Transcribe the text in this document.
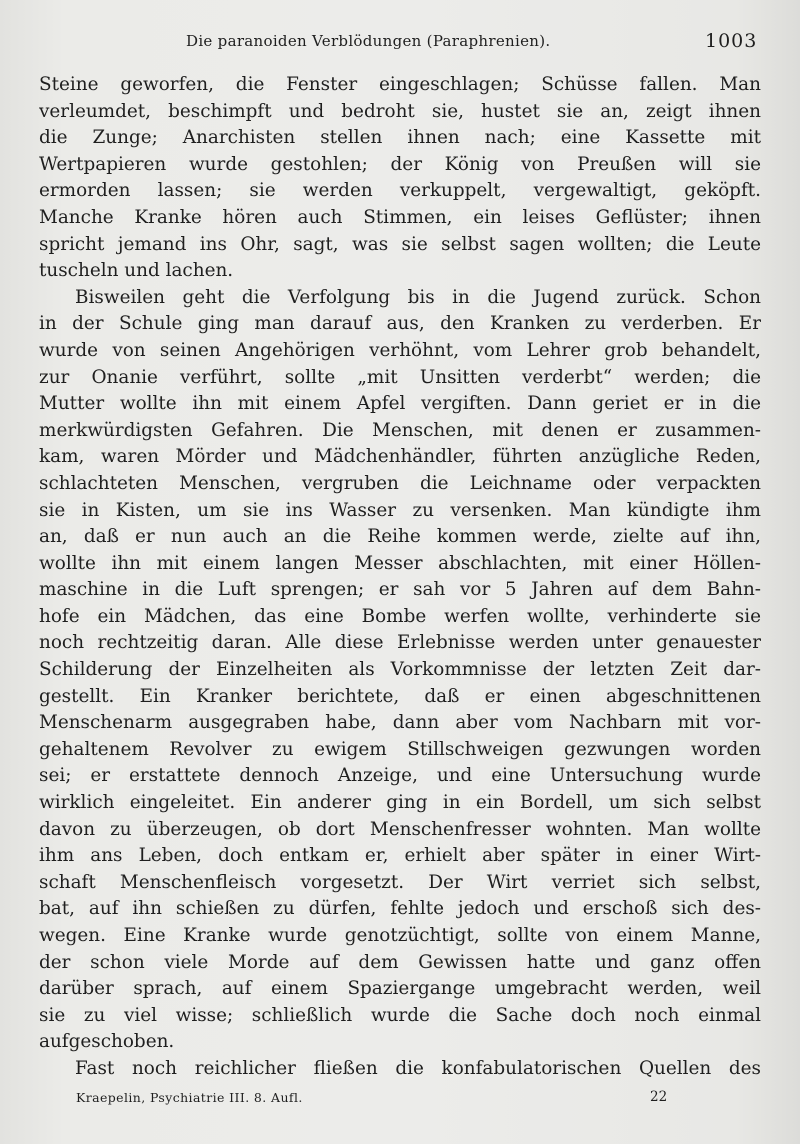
Die paranoiden Verblödungen (Paraphrenien).	1003
Steine geworfen, die Fenster eingeschlagen; Schüsse fallen. Man
verleumdet, beschimpft und bedroht sie, hustet sie an, zeigt ihnen
die Zunge; Anarchisten stellen ihnen nach; eine Kassette mit
Wertpapieren wurde gestohlen; der König von Preußen will sie
ermorden lassen; sie werden verkuppelt, vergewaltigt, geköpft.
Manche Kranke hören auch Stimmen, ein leises Geflüster; ihnen
spricht jemand ins Ohr, sagt, was sie selbst sagen wollten; die Leute
tuscheln und lachen.
Bisweilen geht die Verfolgung bis in die Jugend zurück. Schon
in der Schule ging man darauf aus, den Kranken zu verderben. Er
wurde von seinen Angehörigen verhöhnt, vom Lehrer grob behandelt,
zur Onanie verführt, sollte „mit Unsitten verderbt“ werden; die
Mutter wollte ihn mit einem Apfel vergiften. Dann geriet er in die
merkwürdigsten Gefahren. Die Menschen, mit denen er zusammen-
kam, waren Mörder und Mädchenhändler, führten anzügliche Reden,
schlachteten Menschen, vergruben die Leichname oder verpackten
sie in Kisten, um sie ins Wasser zu versenken. Man kündigte ihm
an, daß er nun auch an die Reihe kommen werde, zielte auf ihn,
wollte ihn mit einem langen Messer abschlachten, mit einer Höllen-
maschine in die Luft sprengen; er sah vor 5 Jahren auf dem Bahn-
hofe ein Mädchen, das eine Bombe werfen wollte, verhinderte sie
noch rechtzeitig daran. Alle diese Erlebnisse werden unter genauester
Schilderung der Einzelheiten als Vorkommnisse der letzten Zeit dar-
gestellt. Ein Kranker berichtete, daß er einen abgeschnittenen
Menschenarm ausgegraben habe, dann aber vom Nachbarn mit vor-
gehaltenem Revolver zu ewigem Stillschweigen gezwungen worden
sei; er erstattete dennoch Anzeige, und eine Untersuchung wurde
wirklich eingeleitet. Ein anderer ging in ein Bordell, um sich selbst
davon zu überzeugen, ob dort Menschenfresser wohnten. Man wollte
ihm ans Leben, doch entkam er, erhielt aber später in einer Wirt-
schaft Menschenfleisch vorgesetzt. Der Wirt verriet sich selbst,
bat, auf ihn schießen zu dürfen, fehlte jedoch und erschoß sich des-
wegen. Eine Kranke wurde genotzüchtigt, sollte von einem Manne,
der schon viele Morde auf dem Gewissen hatte und ganz offen
darüber sprach, auf einem Spaziergange umgebracht werden, weil
sie zu viel wisse; schließlich wurde die Sache doch noch einmal
aufgeschoben.
Fast noch reichlicher fließen die konfabulatorischen Quellen des
Kraepelin, Psychiatrie III. 8. Aufl.	22
